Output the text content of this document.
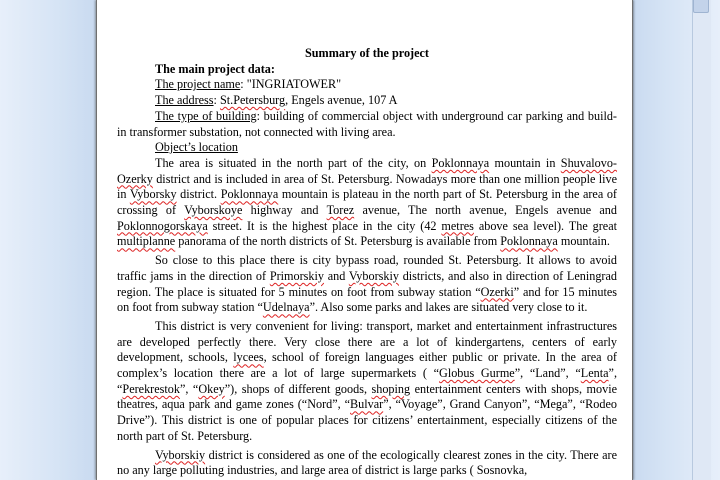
Summary of the project

The main project data:

The project name: "INGRIATOWER"

The address: St.Petersburg, Engels avenue, 107 A

The type of building: building of commercial object with underground car parking and build-in transformer substation, not connected with living area.

Object’s location

The area is situated in the north part of the city, on Poklonnaya mountain in Shuvalovo-Ozerky district and is included in area of St. Petersburg. Nowadays more than one million people live in Vyborsky district. Poklonnaya mountain is plateau in the north part of St. Petersburg in the area of crossing of Vyborskoye highway and Torez avenue, The north avenue, Engels avenue and Poklonnogorskaya street. It is the highest place in the city (42 metres above sea level). The great multiplanne panorama of the north districts of St. Petersburg is available from Poklonnaya mountain.

So close to this place there is city bypass road, rounded St. Petersburg. It allows to avoid traffic jams in the direction of Primorskiy and Vyborskiy districts, and also in direction of Leningrad region. The place is situated for 5 minutes on foot from subway station “Ozerki” and for 15 minutes on foot from subway station “Udelnaya”. Also some parks and lakes are situated very close to it.

This district is very convenient for living: transport, market and entertainment infrastructures are developed perfectly there. Very close there are a lot of kindergartens, centers of early development, schools, lycees, school of foreign languages either public or private. In the area of complex’s location there are a lot of large supermarkets ( “Globus Gurme”, “Land”, “Lenta”, “Perekrestok”, “Okey”), shops of different goods, shoping entertainment centers with shops, movie theatres, aqua park and game zones (“Nord”, “Bulvar”, “Voyage”, Grand Canyon”, “Mega”, “Rodeo Drive”). This district is one of popular places for citizens’ entertainment, especially citizens of the north part of St. Petersburg.

Vyborskiy district is considered as one of the ecologically clearest zones in the city. There are no any large polluting industries, and large area of district is large parks ( Sosnovka,
